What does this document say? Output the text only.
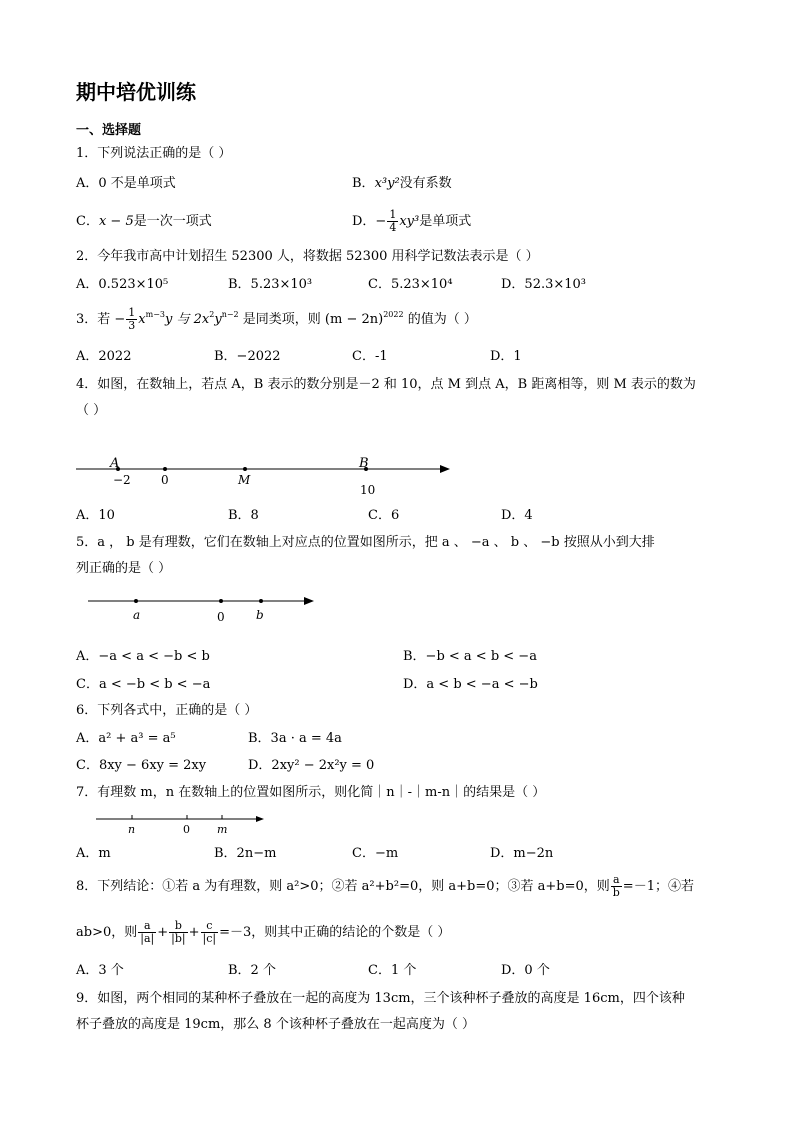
期中培优训练
一、选择题
1．下列说法正确的是（ ）
A．0 不是单项式	B．x³y²没有系数
C．x − 5是一次一项式	D．− $\frac{1}{4} xy^3$是单项式
2．今年我市高中计划招生 52300 人，将数据 52300 用科学记数法表示是（ ）
A．0.523×10⁵	B．5.23×10³	C．5.23×10⁴	D．52.3×10³
3．若 − $\frac{1}{3} x^{m-3}y$ 与 $2x^2y^{n-2}$ 是同类项，则 $(m - 2n)^{2022}$ 的值为（ ）
A．2022	B．−2022	C．-1	D．1
4．如图，在数轴上，若点 A，B 表示的数分别是－2 和 10，点 M 到点 A，B 距离相等，则 M 表示的数为
（ ）
A	B
−2	0	M
10
A．10	B．8	C．6	D．4
5．a ， b 是有理数，它们在数轴上对应点的位置如图所示，把 a 、 −a 、 b 、 −b 按照从小到大排
列正确的是（ ）
a	0	b
A．−a < a < −b < b	B．−b < a < b < −a
C．a < −b < b < −a	D．a < b < −a < −b
6．下列各式中，正确的是（ ）
A．a² + a³ = a⁵	B．3a · a = 4a
C．8xy − 6xy = 2xy	D．2xy² − 2x²y = 0
7．有理数 m，n 在数轴上的位置如图所示，则化简｜n｜-｜m-n｜的结果是（ ）
n	0 m
A．m	B．2n−m	C．−m	D．m−2n
8．下列结论：①若 a 为有理数，则 a²>0；②若 a²+b²=0，则 a+b=0；③若 a+b=0，则 $\frac{a}{b} =-1$；④若
ab>0，则 $\frac{a}{|a|} + \frac{b}{|b|} + \frac{c}{|c|} =-3$，则其中正确的结论的个数是（ ）
A．3 个	B．2 个	C．1 个	D．0 个
9．如图，两个相同的某种杯子叠放在一起的高度为 13cm，三个该种杯子叠放的高度是 16cm，四个该种
杯子叠放的高度是 19cm，那么 8 个该种杯子叠放在一起高度为（ ）
